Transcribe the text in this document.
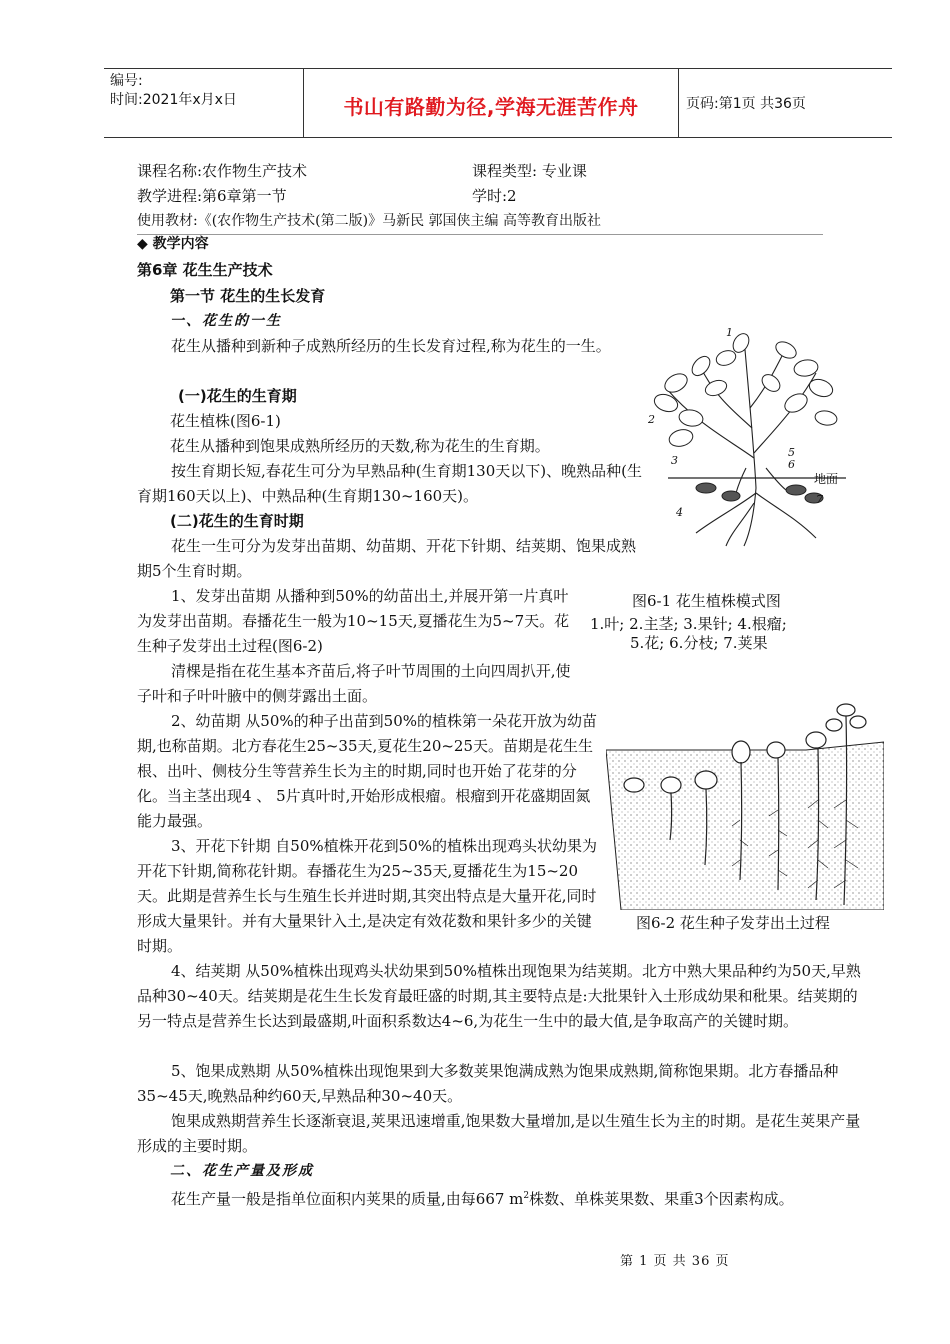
编号:
时间:2021年x月x日	书山有路勤为径,学海无涯苦作舟	页码:第1页 共36页
课程名称:农作物生产技术	课程类型: 专业课
教学进程:第6章第一节	学时:2
使用教材:《(农作物生产技术(第二版)》马新民 郭国侠主编 高等教育出版社
◆ 教学内容
第6章 花生生产技术
第一节 花生的生长发育
一、花生的一生
花生从播种到新种子成熟所经历的生长发育过程,称为花生的一生。
(一)花生的生育期
花生植株(图6-1)
花生从播种到饱果成熟所经历的天数,称为花生的生育期。
按生育期长短,春花生可分为早熟品种(生育期130天以下)、晚熟品种(生育期160天以上)、中熟品种(生育期130~160天)。
(二)花生的生育时期
花生一生可分为发芽出苗期、幼苗期、开花下针期、结荚期、饱果成熟期5个生育时期。
1、发芽出苗期 从播种到50%的幼苗出土,并展开第一片真叶为发芽出苗期。春播花生一般为10~15天,夏播花生为5~7天。花生种子发芽出土过程(图6-2)
清棵是指在花生基本齐苗后,将子叶节周围的土向四周扒开,使子叶和子叶叶腋中的侧芽露出土面。
2、幼苗期 从50%的种子出苗到50%的植株第一朵花开放为幼苗期,也称苗期。北方春花生25~35天,夏花生20~25天。苗期是花生生根、出叶、侧枝分生等营养生长为主的时期,同时也开始了花芽的分化。当主茎出现4 、 5片真叶时,开始形成根瘤。根瘤到开花盛期固氮能力最强。
3、开花下针期 自50%植株开花到50%的植株出现鸡头状幼果为开花下针期,简称花针期。春播花生为25~35天,夏播花生为15~20天。此期是营养生长与生殖生长并进时期,其突出特点是大量开花,同时形成大量果针。并有大量果针入土,是决定有效花数和果针多少的关键时期。
4、结荚期 从50%植株出现鸡头状幼果到50%植株出现饱果为结荚期。北方中熟大果品种约为50天,早熟品种30~40天。结荚期是花生生长发育最旺盛的时期,其主要特点是:大批果针入土形成幼果和秕果。结荚期的另一特点是营养生长达到最盛期,叶面积系数达4~6,为花生一生中的最大值,是争取高产的关键时期。
5、饱果成熟期 从50%植株出现饱果到大多数荚果饱满成熟为饱果成熟期,简称饱果期。北方春播品种35~45天,晚熟品种约60天,早熟品种30~40天。
饱果成熟期营养生长逐渐衰退,荚果迅速增重,饱果数大量增加,是以生殖生长为主的时期。是花生荚果产量形成的主要时期。
二、花生产量及形成
花生产量一般是指单位面积内荚果的质量,由每667 $m^2$株数、单株荚果数、果重3个因素构成。
1
2
3
4
5
6
7
地面
图6-1 花生植株模式图
1.叶; 2.主茎; 3.果针; 4.根瘤;
5.花; 6.分枝; 7.荚果
图6-2 花生种子发芽出土过程
第 1 页 共 36 页
